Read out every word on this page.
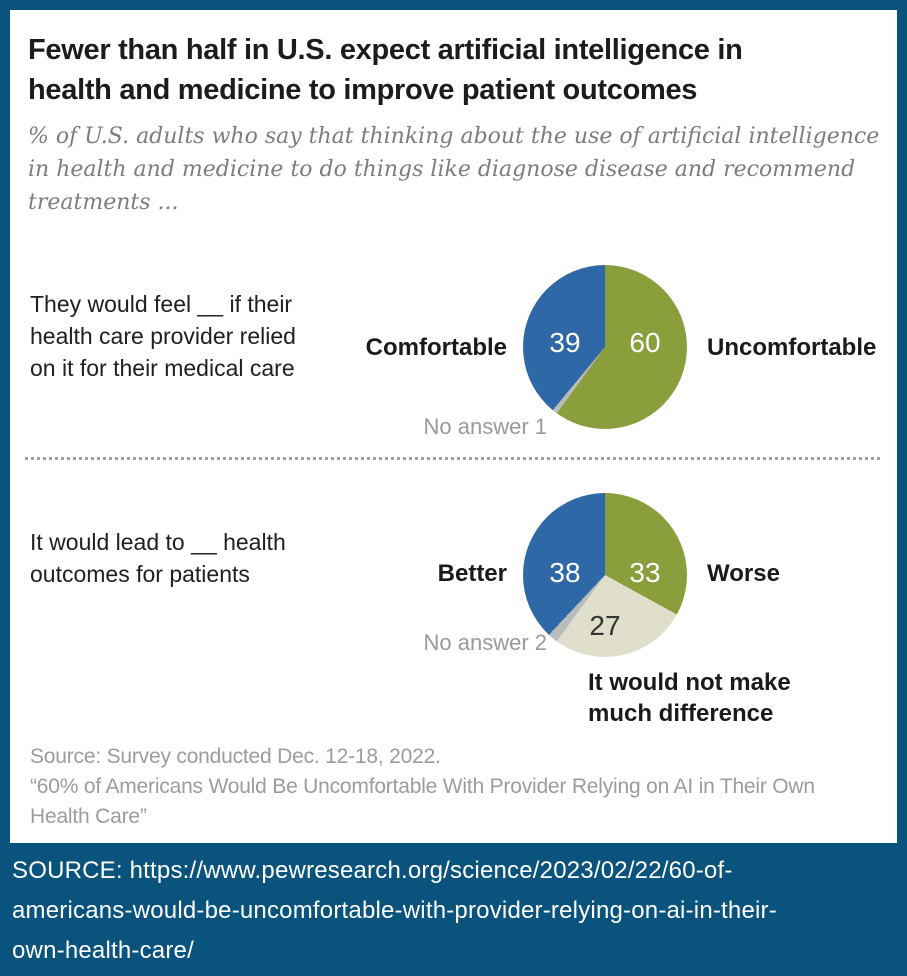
Fewer than half in U.S. expect artificial intelligence in
health and medicine to improve patient outcomes
% of U.S. adults who say that thinking about the use of artificial intelligence
in health and medicine to do things like diagnose disease and recommend
treatments ...
They would feel __ if their
health care provider relied
on it for their medical care
Comfortable 39 60 Uncomfortable
No answer 1
It would lead to __ health
outcomes for patients	Better 38 33
27
Worse
No answer 2
It would not make
much difference
Source: Survey conducted Dec. 12-18, 2022.
“60% of Americans Would Be Uncomfortable With Provider Relying on AI in Their Own
Health Care”
SOURCE: https://www.pewresearch.org/science/2023/02/22/60-of-
americans-would-be-uncomfortable-with-provider-relying-on-ai-in-their-
own-health-care/
